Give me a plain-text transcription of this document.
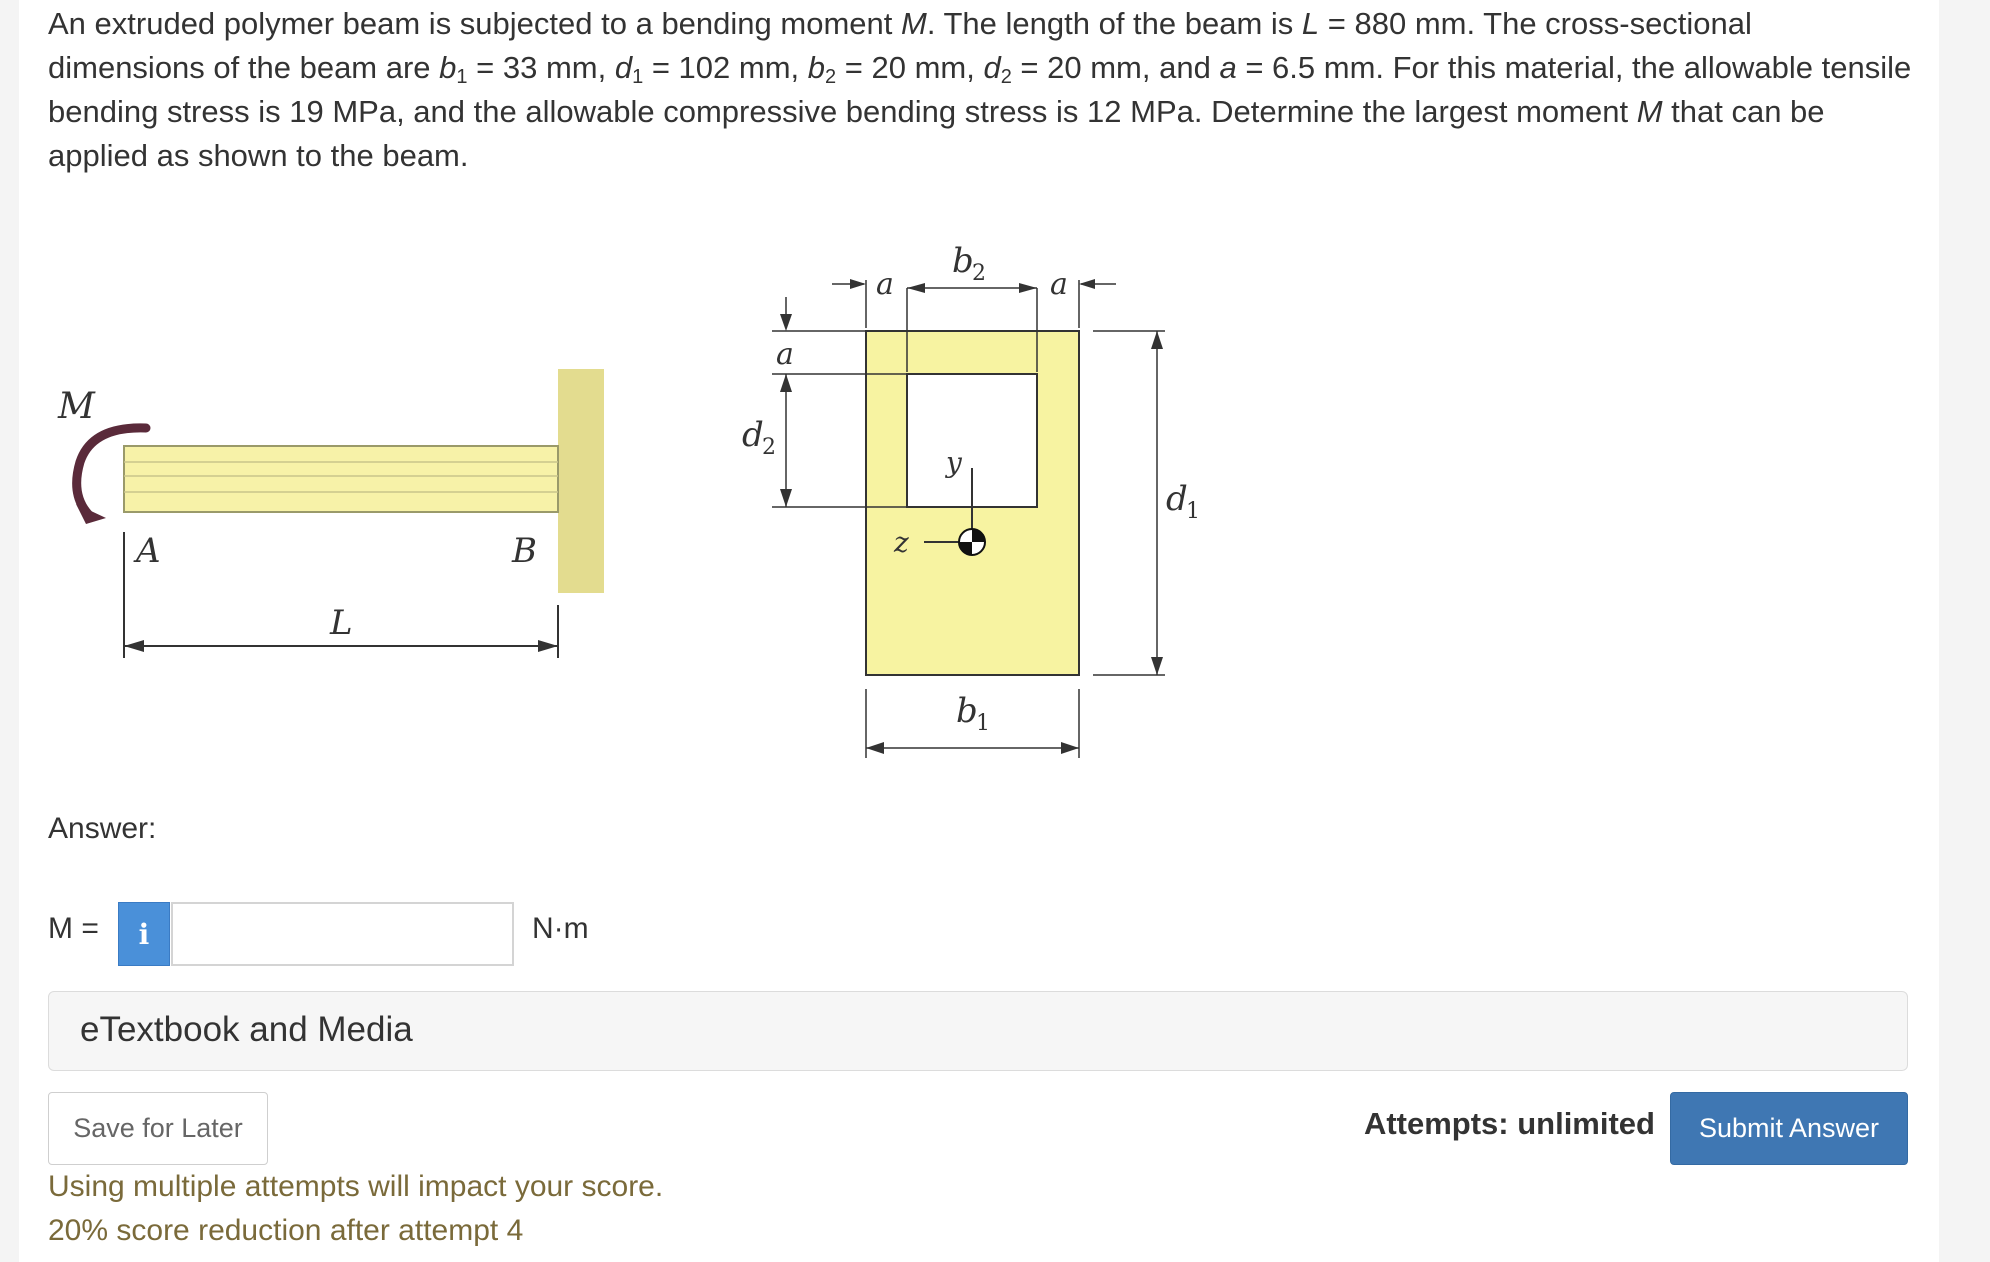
An extruded polymer beam is subjected to a bending moment M. The length of the beam is L = 880 mm. The cross-sectional
dimensions of the beam are $b_1 = 33$ mm, $d_1 = 102$ mm, $b_2 = 20$ mm, $d_2 = 20$ mm, and a = 6.5 mm. For this material, the allowable tensile
bending stress is 19 MPa, and the allowable compressive bending stress is 12 MPa. Determine the largest moment M that can be
applied as shown to the beam.
M
A	B
L
b
2
a	a
a
d
2
d
1
b
1
y
z
Answer:
M =	i	N·m
eTextbook and Media
Save for Later	Attempts: unlimited	Submit Answer
Using multiple attempts will impact your score.
20% score reduction after attempt 4
